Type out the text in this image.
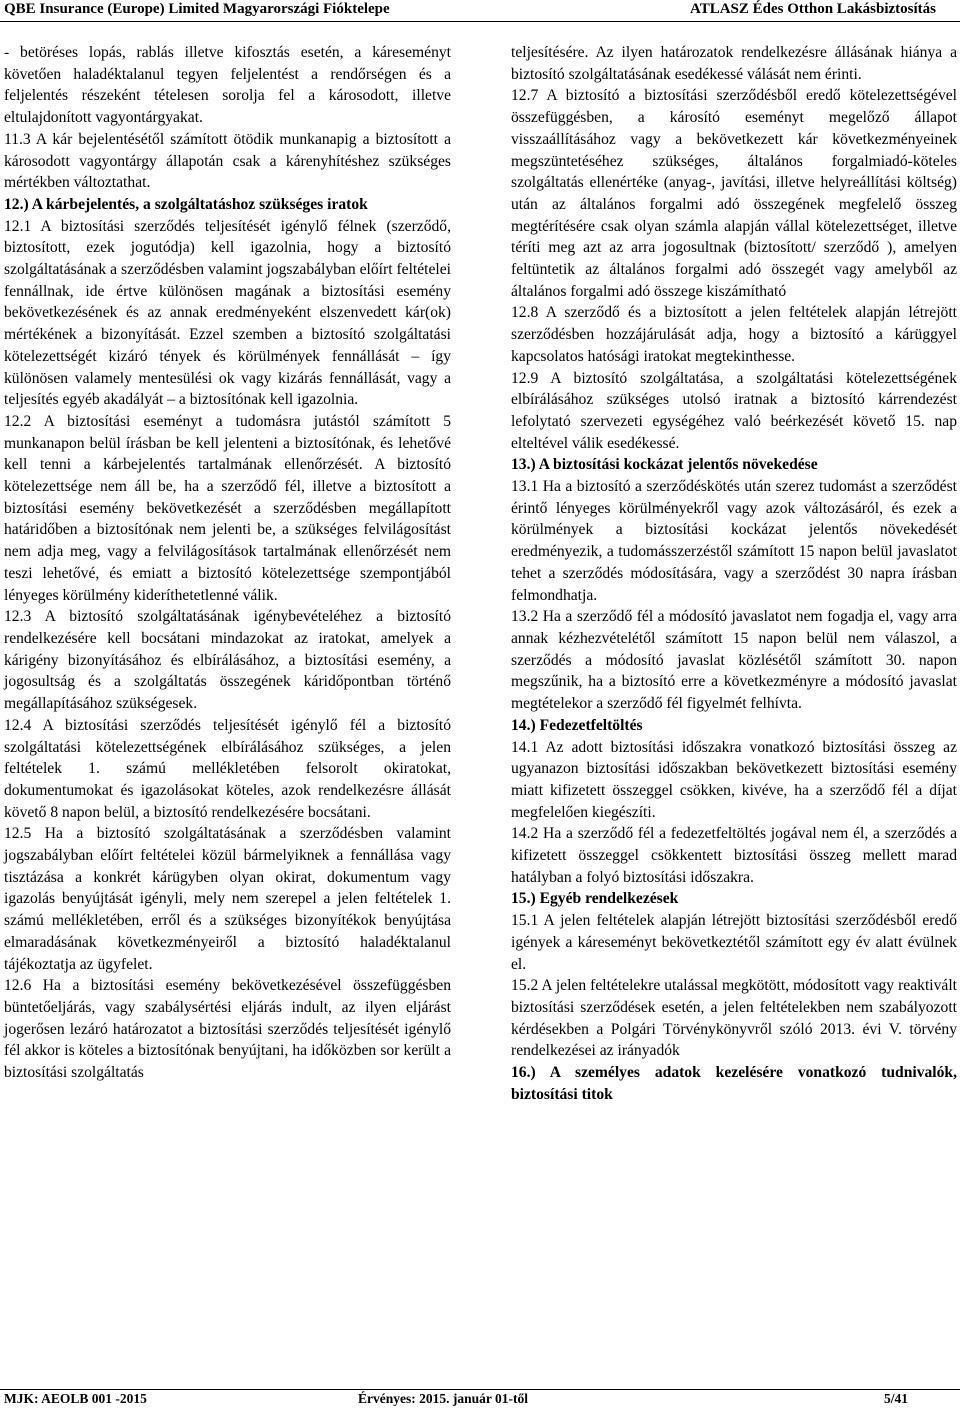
QBE Insurance (Europe) Limited Magyarországi Fióktelepe	ATLASZ Édes Otthon Lakásbiztosítás

- betöréses lopás, rablás illetve kifosztás esetén, a káreseményt követően haladéktalanul tegyen feljelentést a rendőrségen és a feljelentés részeként tételesen sorolja fel a károsodott, illetve eltulajdonított vagyontárgyakat.

11.3 A kár bejelentésétől számított ötödik munkanapig a biztosított a károsodott vagyontárgy állapotán csak a kárenyhítéshez szükséges mértékben változtathat.

12.) A kárbejelentés, a szolgáltatáshoz szükséges iratok

12.1 A biztosítási szerződés teljesítését igénylő félnek (szerződő, biztosított, ezek jogutódja) kell igazolnia, hogy a biztosító szolgáltatásának a szerződésben valamint jogszabályban előírt feltételei fennállnak, ide értve különösen magának a biztosítási esemény bekövetkezésének és az annak eredményeként elszenvedett kár(ok) mértékének a bizonyítását. Ezzel szemben a biztosító szolgáltatási kötelezettségét kizáró tények és körülmények fennállását – így különösen valamely mentesülési ok vagy kizárás fennállását, vagy a teljesítés egyéb akadályát – a biztosítónak kell igazolnia.

12.2 A biztosítási eseményt a tudomásra jutástól számított 5 munkanapon belül írásban be kell jelenteni a biztosítónak, és lehetővé kell tenni a kárbejelentés tartalmának ellenőrzését. A biztosító kötelezettsége nem áll be, ha a szerződő fél, illetve a biztosított a biztosítási esemény bekövetkezését a szerződésben megállapított határidőben a biztosítónak nem jelenti be, a szükséges felvilágosítást nem adja meg, vagy a felvilágosítások tartalmának ellenőrzését nem teszi lehetővé, és emiatt a biztosító kötelezettsége szempontjából lényeges körülmény kideríthetetlenné válik.

12.3 A biztosító szolgáltatásának igénybevételéhez a biztosító rendelkezésére kell bocsátani mindazokat az iratokat, amelyek a kárigény bizonyításához és elbírálásához, a biztosítási esemény, a jogosultság és a szolgáltatás összegének káridőpontban történő megállapításához szükségesek.

12.4 A biztosítási szerződés teljesítését igénylő fél a biztosító szolgáltatási kötelezettségének elbírálásához szükséges, a jelen feltételek 1. számú mellékletében felsorolt okiratokat, dokumentumokat és igazolásokat köteles, azok rendelkezésre állását követő 8 napon belül, a biztosító rendelkezésére bocsátani.

12.5 Ha a biztosító szolgáltatásának a szerződésben valamint jogszabályban előírt feltételei közül bármelyiknek a fennállása vagy tisztázása a konkrét kárügyben olyan okirat, dokumentum vagy igazolás benyújtását igényli, mely nem szerepel a jelen feltételek 1. számú mellékletében, erről és a szükséges bizonyítékok benyújtása elmaradásának következményeiről a biztosító haladéktalanul tájékoztatja az ügyfelet.

12.6 Ha a biztosítási esemény bekövetkezésével összefüggésben büntetőeljárás, vagy szabálysértési eljárás indult, az ilyen eljárást jogerősen lezáró határozatot a biztosítási szerződés teljesítését igénylő fél akkor is köteles a biztosítónak benyújtani, ha időközben sor került a biztosítási szolgáltatás

teljesítésére. Az ilyen határozatok rendelkezésre állásának hiánya a biztosító szolgáltatásának esedékessé válását nem érinti.

12.7 A biztosító a biztosítási szerződésből eredő kötelezettségével összefüggésben, a károsító eseményt megelőző állapot visszaállításához vagy a bekövetkezett kár következményeinek megszüntetéséhez szükséges, általános forgalmiadó-köteles szolgáltatás ellenértéke (anyag-, javítási, illetve helyreállítási költség) után az általános forgalmi adó összegének megfelelő összeg megtérítésére csak olyan számla alapján vállal kötelezettséget, illetve téríti meg azt az arra jogosultnak (biztosított/ szerződő ), amelyen feltüntetik az általános forgalmi adó összegét vagy amelyből az általános forgalmi adó összege kiszámítható

12.8 A szerződő és a biztosított a jelen feltételek alapján létrejött szerződésben hozzájárulását adja, hogy a biztosító a kárüggyel kapcsolatos hatósági iratokat megtekinthesse.

12.9 A biztosító szolgáltatása, a szolgáltatási kötelezettségének elbírálásához szükséges utolsó iratnak a biztosító kárrendezést lefolytató szervezeti egységéhez való beérkezését követő 15. nap elteltével válik esedékessé.

13.) A biztosítási kockázat jelentős növekedése

13.1 Ha a biztosító a szerződéskötés után szerez tudomást a szerződést érintő lényeges körülményekről vagy azok változásáról, és ezek a körülmények a biztosítási kockázat jelentős növekedését eredményezik, a tudomásszerzéstől számított 15 napon belül javaslatot tehet a szerződés módosítására, vagy a szerződést 30 napra írásban felmondhatja.

13.2 Ha a szerződő fél a módosító javaslatot nem fogadja el, vagy arra annak kézhezvételétől számított 15 napon belül nem válaszol, a szerződés a módosító javaslat közlésétől számított 30. napon megszűnik, ha a biztosító erre a következményre a módosító javaslat megtételekor a szerződő fél figyelmét felhívta.

14.) Fedezetfeltöltés

14.1 Az adott biztosítási időszakra vonatkozó biztosítási összeg az ugyanazon biztosítási időszakban bekövetkezett biztosítási esemény miatt kifizetett összeggel csökken, kivéve, ha a szerződő fél a díjat megfelelően kiegészíti.

14.2 Ha a szerződő fél a fedezetfeltöltés jogával nem él, a szerződés a kifizetett összeggel csökkentett biztosítási összeg mellett marad hatályban a folyó biztosítási időszakra.

15.) Egyéb rendelkezések

15.1 A jelen feltételek alapján létrejött biztosítási szerződésből eredő igények a káreseményt bekövetkeztétől számított egy év alatt évülnek el.

15.2 A jelen feltételekre utalással megkötött, módosított vagy reaktivált biztosítási szerződések esetén, a jelen feltételekben nem szabályozott kérdésekben a Polgári Törvénykönyvről szóló 2013. évi V. törvény rendelkezései az irányadók

16.) A személyes adatok kezelésére vonatkozó tudnivalók, biztosítási titok

MJK: AEOLB 001 -2015	Érvényes: 2015. január 01-től	5/41
